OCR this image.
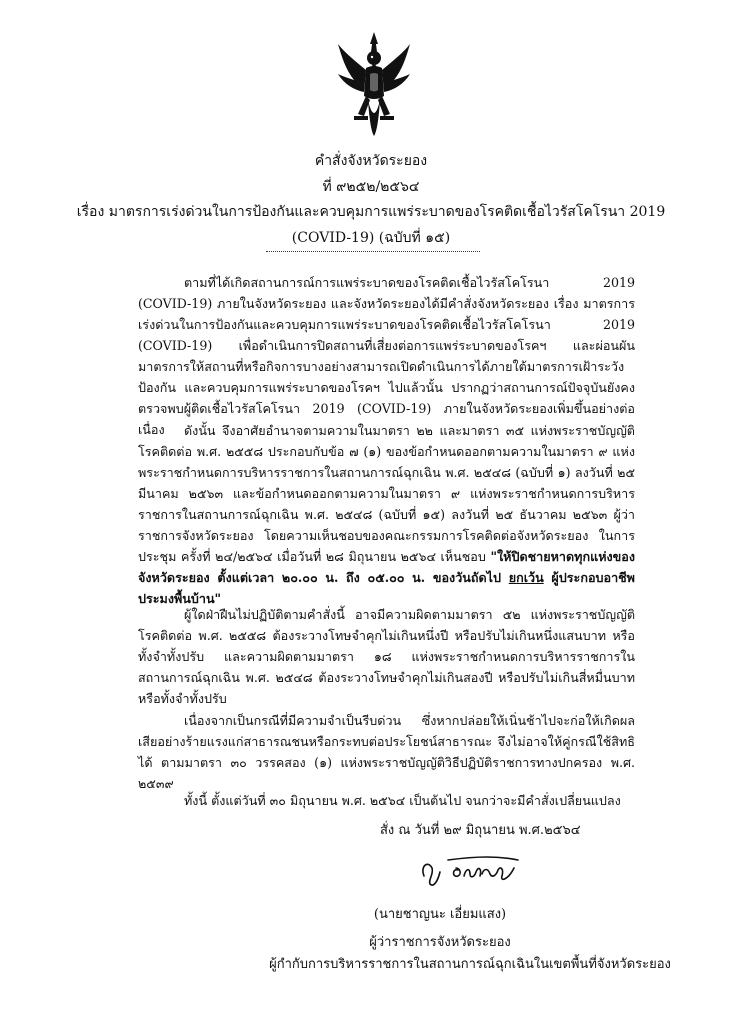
คำสั่งจังหวัดระยอง
ที่ ๙๒๕๒/๒๕๖๔
เรื่อง มาตรการเร่งด่วนในการป้องกันและควบคุมการแพร่ระบาดของโรคติดเชื้อไวรัสโคโรนา 2019
(COVID-19) (ฉบับที่ ๑๕)

ตามที่ได้เกิดสถานการณ์การแพร่ระบาดของโรคติดเชื้อไวรัสโคโรนา 2019 (COVID-19) ภายในจังหวัดระยอง และจังหวัดระยองได้มีคำสั่งจังหวัดระยอง เรื่อง มาตรการเร่งด่วนในการป้องกันและควบคุมการแพร่ระบาดของโรคติดเชื้อไวรัสโคโรนา 2019 (COVID-19) เพื่อดำเนินการปิดสถานที่เสี่ยงต่อการแพร่ระบาดของโรคฯ และผ่อนผันมาตรการให้สถานที่หรือกิจการบางอย่างสามารถเปิดดำเนินการได้ภายใต้มาตรการเฝ้าระวัง ป้องกัน และควบคุมการแพร่ระบาดของโรคฯ ไปแล้วนั้น ปรากฏว่าสถานการณ์ปัจจุบันยังคงตรวจพบผู้ติดเชื้อไวรัสโคโรนา 2019 (COVID-19) ภายในจังหวัดระยองเพิ่มขึ้นอย่างต่อเนื่อง	ดังนั้น จึงอาศัยอำนาจตามความในมาตรา ๒๒ และมาตรา ๓๕ แห่งพระราชบัญญัติโรคติดต่อ พ.ศ. ๒๕๕๘ ประกอบกับข้อ ๗ (๑) ของข้อกำหนดออกตามความในมาตรา ๙ แห่งพระราชกำหนดการบริหารราชการในสถานการณ์ฉุกเฉิน พ.ศ. ๒๕๔๘ (ฉบับที่ ๑) ลงวันที่ ๒๕ มีนาคม ๒๕๖๓ และข้อกำหนดออกตามความในมาตรา ๙ แห่งพระราชกำหนดการบริหารราชการในสถานการณ์ฉุกเฉิน พ.ศ. ๒๕๔๘ (ฉบับที่ ๑๕) ลงวันที่ ๒๕ ธันวาคม ๒๕๖๓ ผู้ว่าราชการจังหวัดระยอง โดยความเห็นชอบของคณะกรรมการโรคติดต่อจังหวัดระยอง ในการประชุม ครั้งที่ ๒๔/๒๕๖๔ เมื่อวันที่ ๒๘ มิถุนายน ๒๕๖๔ เห็นชอบ "ให้ปิดชายหาดทุกแห่งของจังหวัดระยอง ตั้งแต่เวลา ๒๐.๐๐ น. ถึง ๐๕.๐๐ น. ของวันถัดไป ยกเว้น ผู้ประกอบอาชีพประมงพื้นบ้าน"

ผู้ใดฝ่าฝืนไม่ปฏิบัติตามคำสั่งนี้ อาจมีความผิดตามมาตรา ๕๒ แห่งพระราชบัญญัติโรคติดต่อ พ.ศ. ๒๕๕๘ ต้องระวางโทษจำคุกไม่เกินหนึ่งปี หรือปรับไม่เกินหนึ่งแสนบาท หรือทั้งจำทั้งปรับ และความผิดตามมาตรา ๑๘ แห่งพระราชกำหนดการบริหารราชการในสถานการณ์ฉุกเฉิน พ.ศ. ๒๕๔๘ ต้องระวางโทษจำคุกไม่เกินสองปี หรือปรับไม่เกินสี่หมื่นบาท หรือทั้งจำทั้งปรับ

เนื่องจากเป็นกรณีที่มีความจำเป็นรีบด่วน ซึ่งหากปล่อยให้เนิ่นช้าไปจะก่อให้เกิดผลเสียอย่างร้ายแรงแก่สาธารณชนหรือกระทบต่อประโยชน์สาธารณะ จึงไม่อาจให้คู่กรณีใช้สิทธิได้ ตามมาตรา ๓๐ วรรคสอง (๑) แห่งพระราชบัญญัติวิธีปฏิบัติราชการทางปกครอง พ.ศ. ๒๕๓๙

ทั้งนี้ ตั้งแต่วันที่ ๓๐ มิถุนายน พ.ศ. ๒๕๖๔ เป็นต้นไป จนกว่าจะมีคำสั่งเปลี่ยนแปลง

สั่ง ณ วันที่ ๒๙ มิถุนายน พ.ศ.๒๕๖๔
(นายชาญนะ เอี่ยมแสง)
ผู้ว่าราชการจังหวัดระยอง
ผู้กำกับการบริหารราชการในสถานการณ์ฉุกเฉินในเขตพื้นที่จังหวัดระยอง
